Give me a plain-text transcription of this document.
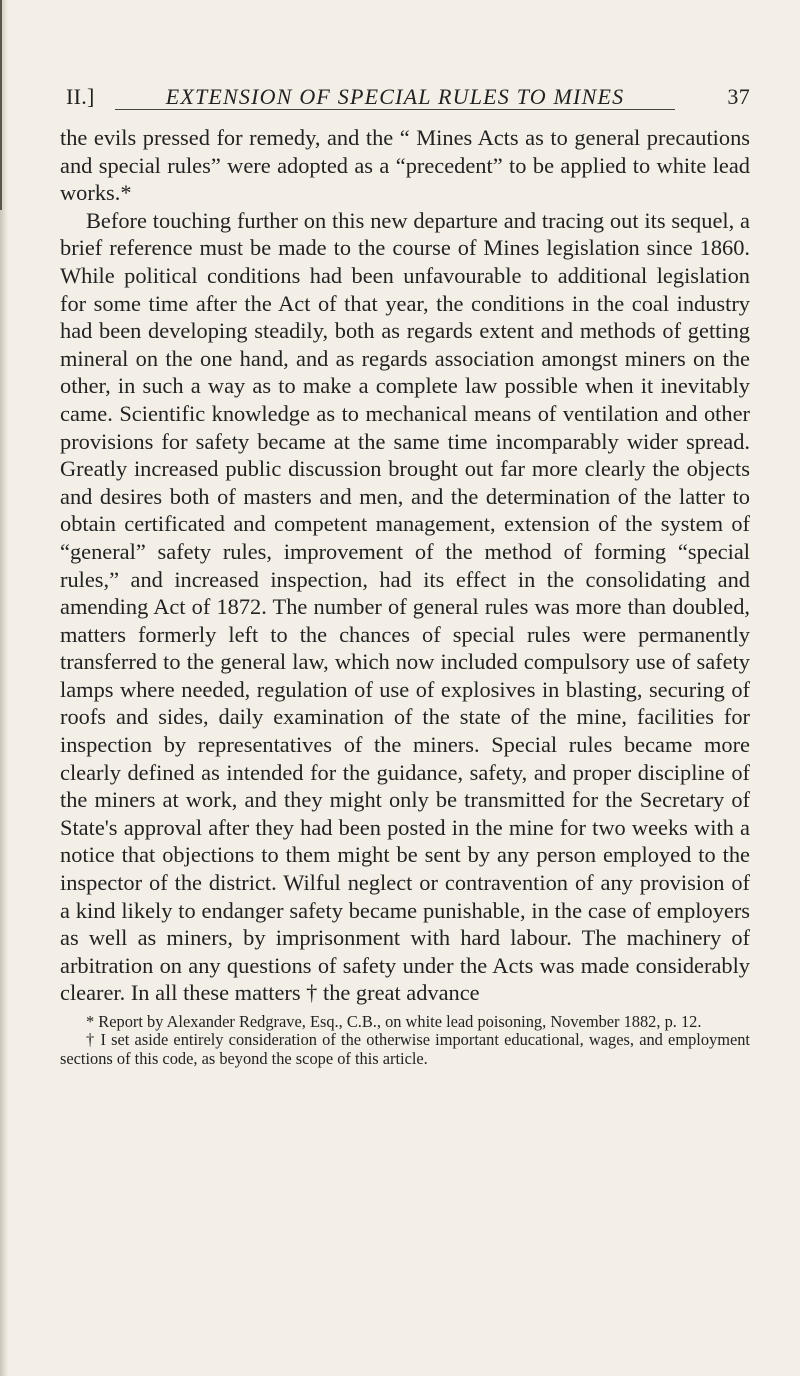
II.]	EXTENSION OF SPECIAL RULES TO MINES	37

the evils pressed for remedy, and the “ Mines Acts as to general precautions and special rules” were adopted as a “precedent” to be applied to white lead works.*

Before touching further on this new departure and tracing out its sequel, a brief reference must be made to the course of Mines legislation since 1860. While political conditions had been unfavourable to additional legislation for some time after the Act of that year, the conditions in the coal industry had been developing steadily, both as regards extent and methods of getting mineral on the one hand, and as regards association amongst miners on the other, in such a way as to make a complete law possible when it inevitably came. Scientific knowledge as to mechanical means of ventilation and other provisions for safety became at the same time incomparably wider spread. Greatly increased public discussion brought out far more clearly the objects and desires both of masters and men, and the determination of the latter to obtain certificated and competent management, extension of the system of “general” safety rules, improvement of the method of forming “special rules,” and increased inspection, had its effect in the consolidating and amending Act of 1872. The number of general rules was more than doubled, matters formerly left to the chances of special rules were permanently transferred to the general law, which now included compulsory use of safety lamps where needed, regulation of use of explosives in blasting, securing of roofs and sides, daily examination of the state of the mine, facilities for inspection by representatives of the miners. Special rules became more clearly defined as intended for the guidance, safety, and proper discipline of the miners at work, and they might only be transmitted for the Secretary of State's approval after they had been posted in the mine for two weeks with a notice that objections to them might be sent by any person employed to the inspector of the district. Wilful neglect or contravention of any provision of a kind likely to endanger safety became punishable, in the case of employers as well as miners, by imprisonment with hard labour. The machinery of arbitration on any questions of safety under the Acts was made considerably clearer. In all these matters † the great advance

* Report by Alexander Redgrave, Esq., C.B., on white lead poisoning, November 1882, p. 12.

† I set aside entirely consideration of the otherwise important educational, wages, and employment sections of this code, as beyond the scope of this article.
